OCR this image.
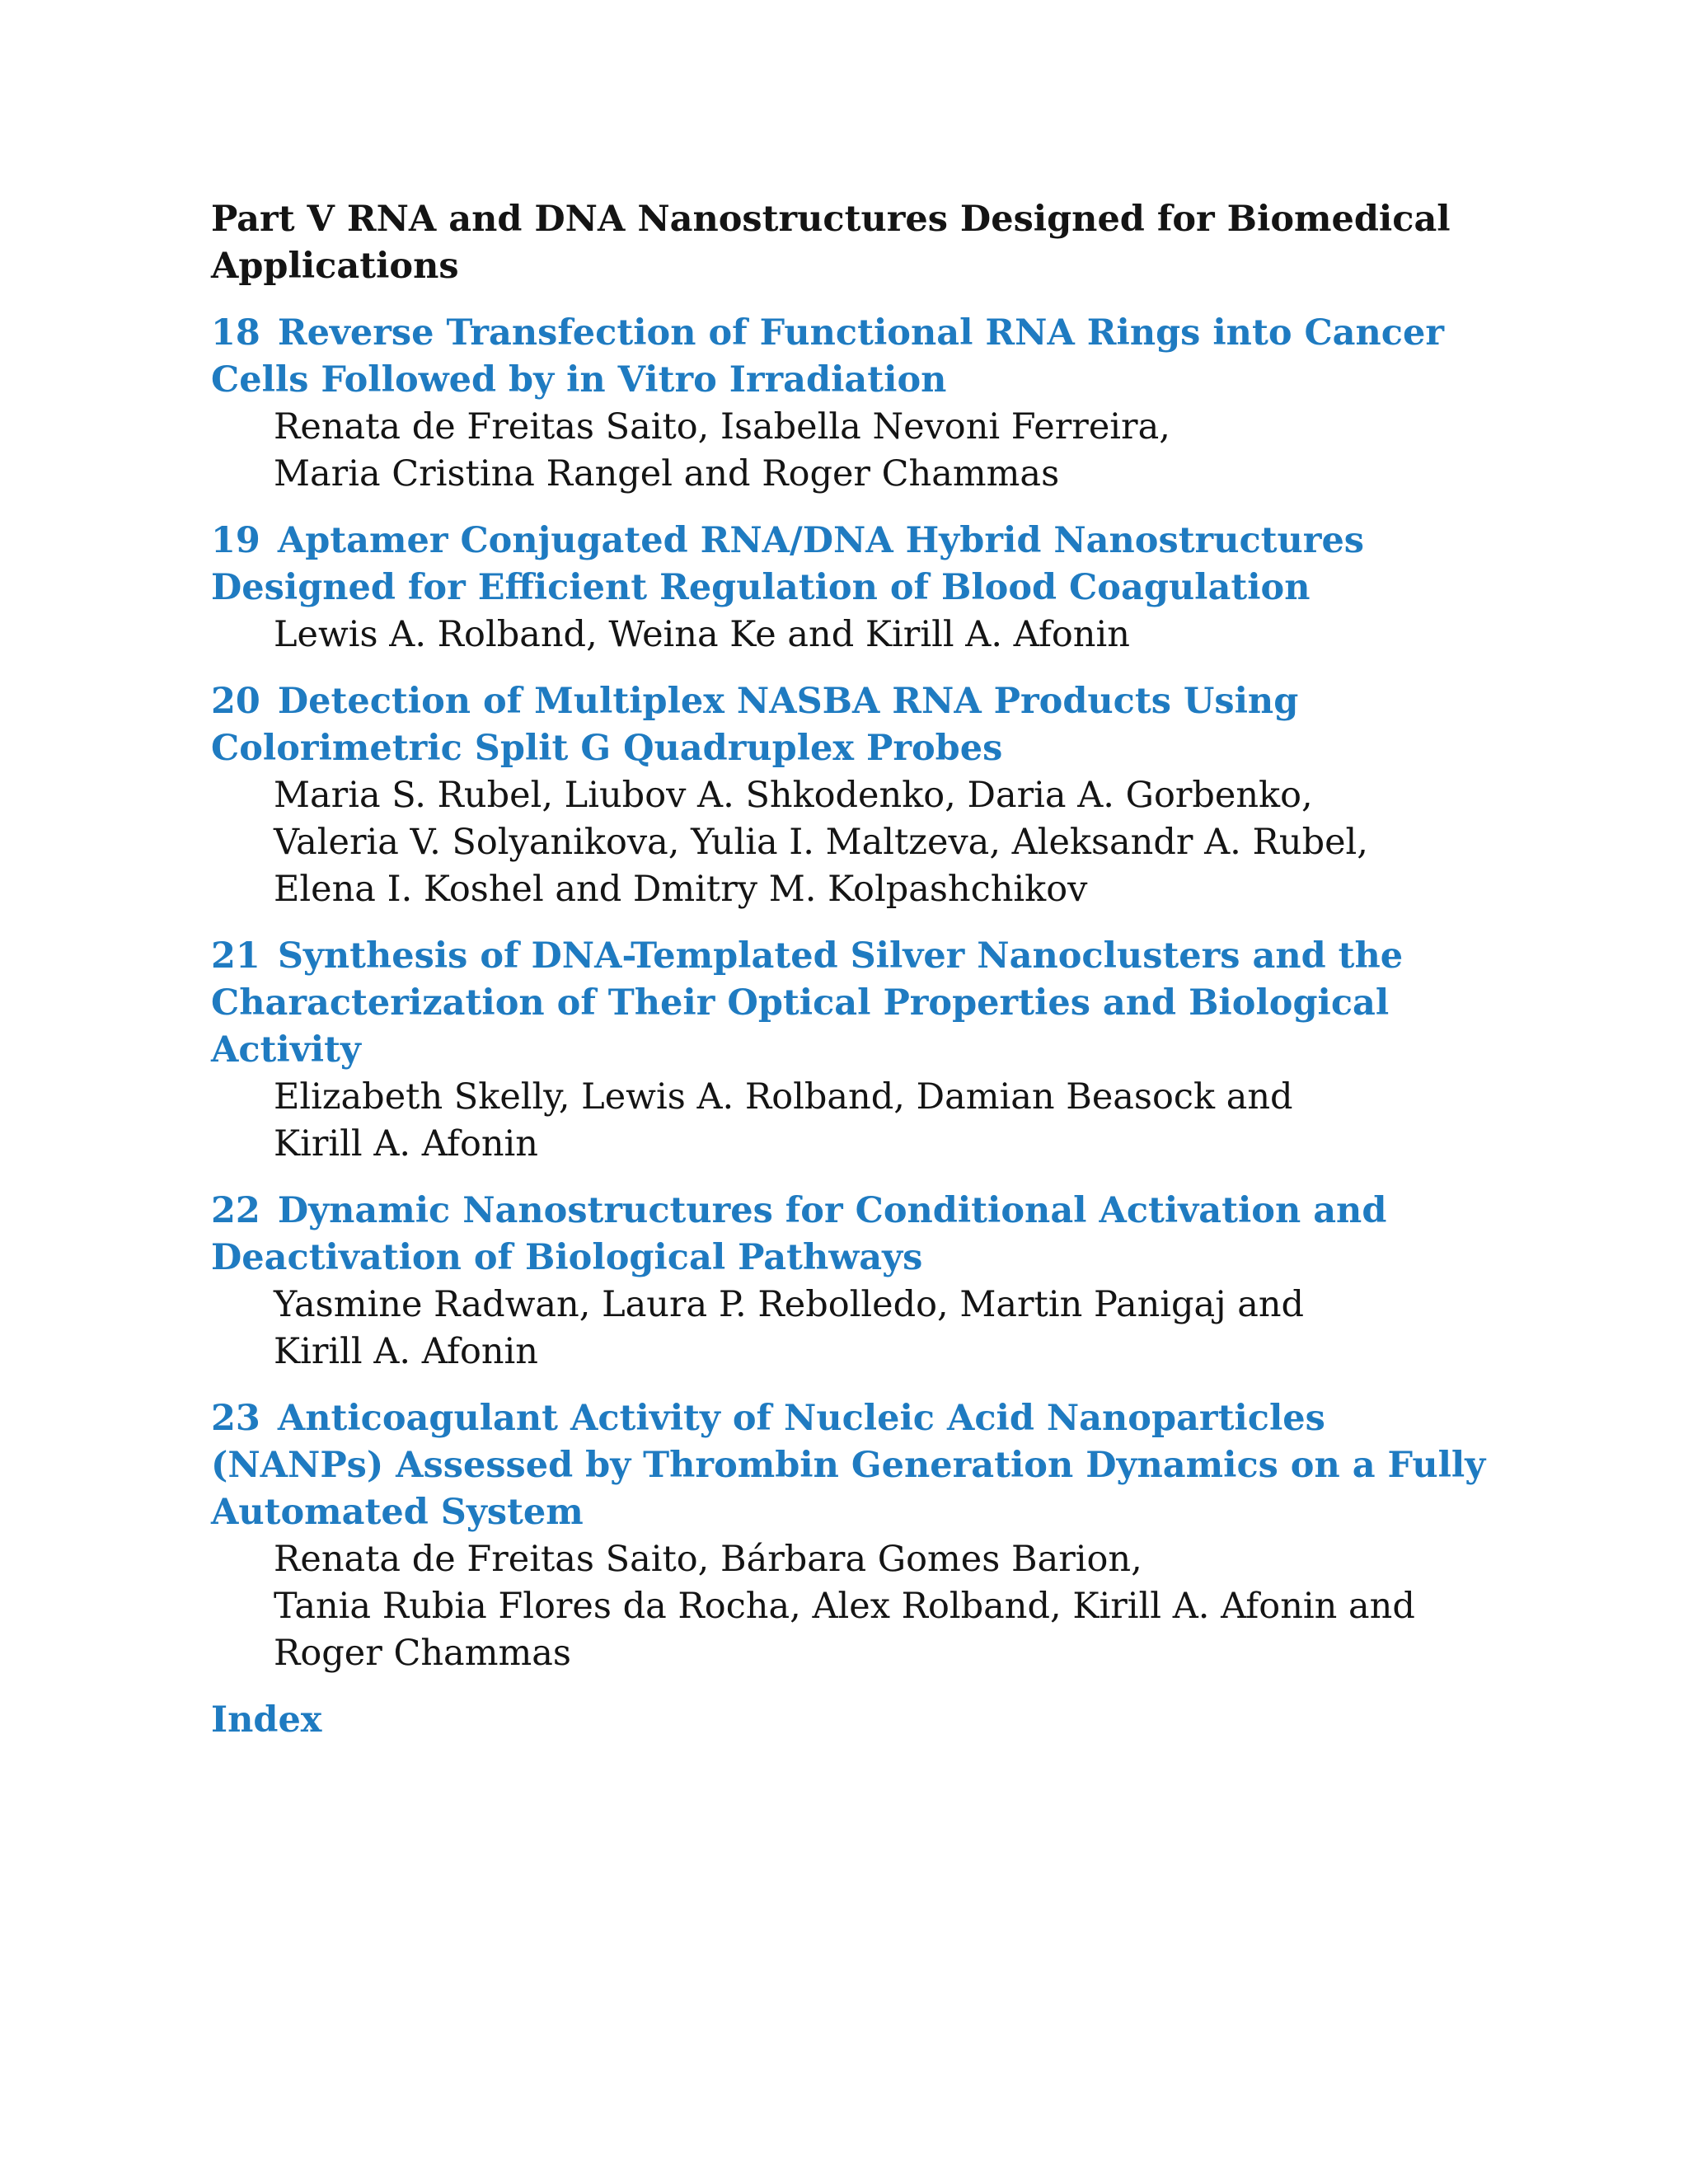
Part V RNA and DNA Nanostructures Designed for Biomedical Applications
18 Reverse Transfection of Functional RNA Rings into Cancer Cells Followed by in Vitro Irradiation
Renata de Freitas Saito, Isabella Nevoni Ferreira,
Maria Cristina Rangel and Roger Chammas
19 Aptamer Conjugated RNA/DNA Hybrid Nanostructures Designed for Efficient Regulation of Blood Coagulation
Lewis A. Rolband, Weina Ke and Kirill A. Afonin
20 Detection of Multiplex NASBA RNA Products Using Colorimetric Split G Quadruplex Probes
Maria S. Rubel, Liubov A. Shkodenko, Daria A. Gorbenko,
Valeria V. Solyanikova, Yulia I. Maltzeva, Aleksandr A. Rubel,
Elena I. Koshel and Dmitry M. Kolpashchikov
21 Synthesis of DNA-Templated Silver Nanoclusters and the Characterization of Their Optical Properties and Biological Activity
Elizabeth Skelly, Lewis A. Rolband, Damian Beasock and
Kirill A. Afonin
22 Dynamic Nanostructures for Conditional Activation and Deactivation of Biological Pathways
Yasmine Radwan, Laura P. Rebolledo, Martin Panigaj and
Kirill A. Afonin
23 Anticoagulant Activity of Nucleic Acid Nanoparticles (NANPs) Assessed by Thrombin Generation Dynamics on a Fully Automated System
Renata de Freitas Saito, Bárbara Gomes Barion,
Tania Rubia Flores da Rocha, Alex Rolband, Kirill A. Afonin and
Roger Chammas
Index
